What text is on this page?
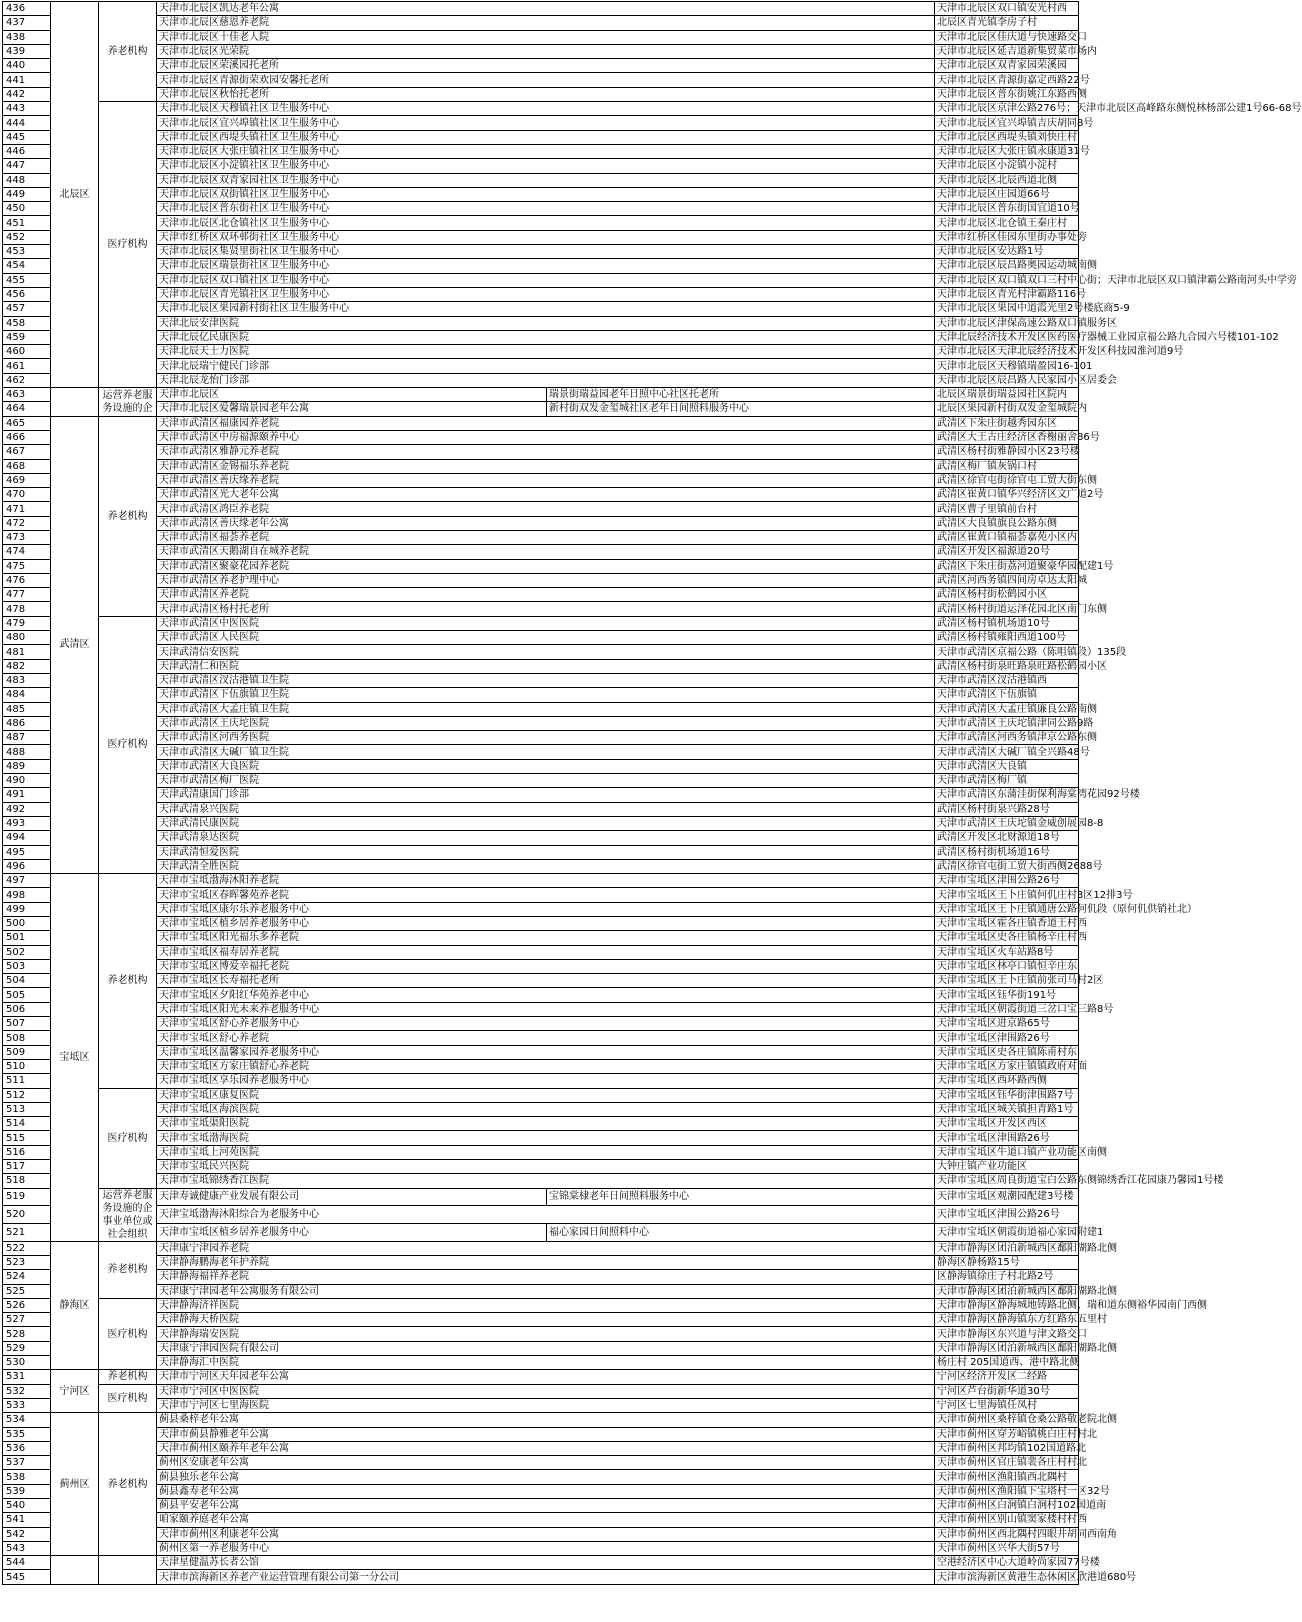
436	北辰区	养老机构	天津市北辰区凯达老年公寓		天津市北辰区双口镇安光村西	
437			天津市北辰区慈恩养老院		北辰区青光镇李房子村	
438			天津市北辰区十佳老人院		天津市北辰区佳庆道与快速路交口	
439			天津市北辰区光荣院		天津市北辰区延吉道新集贸菜市场内	
440			天津市北辰区荣溪园托老所		天津市北辰区双青家园荣溪园	
441			天津市北辰区青源街荣欢园安馨托老所		天津市北辰区青源街嘉定西路22号	
442			天津市北辰区秋怡托老所		天津市北辰区普东街姚江东路西侧	
443		医疗机构	天津市北辰区天穆镇社区卫生服务中心		天津市北辰区京津公路276号；天津市北辰区高峰路东侧悦林杨部公建1号66-68号	
444			天津市北辰区宜兴埠镇社区卫生服务中心		天津市北辰区宜兴埠镇吉庆胡同8号	
445			天津市北辰区西堤头镇社区卫生服务中心		天津市北辰区西堤头镇刘快庄村	
446			天津市北辰区大张庄镇社区卫生服务中心		天津市北辰区大张庄镇永康道31号	
447			天津市北辰区小淀镇社区卫生服务中心		天津市北辰区小淀镇小淀村	
448			天津市北辰区双青家园社区卫生服务中心		天津市北辰区北辰西道北侧	
449			天津市北辰区双街镇社区卫生服务中心		天津市北辰区庄园道66号	
450			天津市北辰区普东街社区卫生服务中心		天津市北辰区普东街国宜道10号	
451			天津市北辰区北仓镇社区卫生服务中心		天津市北辰区北仓镇王秦庄村	
452			天津市红桥区双环邨街社区卫生服务中心		天津市红桥区佳园东里街办事处旁	
453			天津市北辰区集贤里街社区卫生服务中心		天津市北辰区安达路1号	
454			天津市北辰区瑞景街社区卫生服务中心		天津市北辰区辰昌路奥园运动城南侧	
455			天津市北辰区双口镇社区卫生服务中心		天津市北辰区双口镇双口三村中心街；天津市北辰区双口镇津霸公路南河头中学旁	
456			天津市北辰区青光镇社区卫生服务中心		天津市北辰区青光村津霸路116号	
457			天津市北辰区果园新村街社区卫生服务中心		天津市北辰区果园中道霞光里2号楼底商5-9	
458			天津北辰安津医院		天津市北辰区津保高速公路双口镇服务区	
459			天津北辰亿民康医院		天津北辰经济技术开发区医药医疗器械工业园京福公路九合园六号楼101-102	
460			天津北辰天士力医院		天津市北辰区天津北辰经济技术开发区科技园淮河道9号	
461			天津北辰瑞宁健民门诊部		天津市北辰区天穆镇瑞盈园16-101	
462			天津北辰龙怡门诊部		天津市北辰区辰昌路人民家园小区居委会	
463		运营养老服务设施的企	天津市北辰区	瑞景街瑞益园老年日照中心社区托老所	北辰区瑞景街瑞益园社区院内	
464			天津市北辰区爱馨瑞景园老年公寓	新村街双发金玺城社区老年日间照料服务中心	北辰区果园新村街双发金玺城院内	
465	武清区	养老机构	天津市武清区福康园养老院		武清区下朱庄街越秀园东区	
466			天津市武清区中房福源颐养中心		武清区大王古庄经济区香榭丽舍86号	
467			天津市武清区雅静元养老院		武清区杨村街雅静园小区23号楼	
468			天津市武清区金锡福乐养老院		武清区梅厂镇灰锅口村	
469			天津市武清区善庆缘养老院		武清区徐官屯街徐官屯工贸大街东侧	
470			天津市武清区光大老年公寓		武清区崔黄口镇华兴经济区文广道2号	
471			天津市武清区鸿臣养老院		武清区曹子里镇前台村	
472			天津市武清区善庆缘老年公寓		武清区大良镇旗良公路东侧	
473			天津市武清区福荟养老院		武清区崔黄口镇福荟嘉苑小区内	
474			天津市武清区天鹅湖自在城养老院		武清区开发区福源道20号	
475			天津市武清区聚豪花园养老院		武清区下朱庄街荔河道聚豪华园配建1号	
476			天津市武清区养老护理中心		武清区河西务镇四间房卓达太阳城	
477			天津市武清区养老院		武清区杨村街松鹤园小区	
478			天津市武清区杨村托老所		武清区杨村街道运泽花园北区南门东侧	
479		医疗机构	天津市武清区中医医院		武清区杨村镇机场道10号	
480			天津市武清区人民医院		武清区杨村镇雍阳西道100号	
481			天津武清信安医院		天津市武清区京福公路（陈咀镇段）135段	
482			天津武清仁和医院		武清区杨村街泉旺路泉旺路松鹤园小区	
483			天津市武清区汊沽港镇卫生院		天津市武清区汊沽港镇西	
484			天津市武清区下伍旗镇卫生院		天津市武清区下伍旗镇	
485			天津市武清区大孟庄镇卫生院		天津市武清区大孟庄镇廉良公路南侧	
486			天津市武清区王庆坨医院		天津市武清区王庆坨镇津同公路9路	
487			天津市武清区河西务医院		天津市武清区河西务镇津京公路东侧	
488			天津市武清区大碱厂镇卫生院		天津市武清区大碱厂镇全兴路48号	
489			天津市武清区大良医院		天津市武清区大良镇	
490			天津市武清区梅厂医院		天津市武清区梅厂镇	
491			天津武清康国门诊部		天津市武清区东蒲洼街保利海棠湾花园92号楼	
492			天津武清泉兴医院		武清区杨村街泉兴路28号	
493			天津武清民康医院		天津市武清区王庆坨镇金威创展园8-8	
494			天津武清泉达医院		武清区开发区北财源道18号	
495			天津武清恒爱医院		武清区杨村街机场道16号	
496			天津武清全胜医院		武清区徐官屯街工贸大街西侧2688号	
497	宝坻区	养老机构	天津市宝坻渤海沐阳养老院		天津市宝坻区津围公路26号	
498			天津市宝坻区春晖馨苑养老院		天津市宝坻区王卜庄镇何仉庄村3区12排3号	
499			天津市宝坻区康尔乐养老服务中心		天津市宝坻区王卜庄镇通唐公路何仉段（原何仉供销社北）	
500			天津市宝坻区植乡居养老服务中心		天津市宝坻区霍各庄镇香道王村西	
501			天津市宝坻区阳光福乐多养老院		天津市宝坻区史各庄镇杨辛庄村西	
502			天津市宝坻区福寿居养老院		天津市宝坻区火车站路8号	
503			天津市宝坻区博爱幸福托老院		天津市宝坻区林亭口镇恒辛庄东	
504			天津市宝坻区长寿福托老所		天津市宝坻区王卜庄镇前张司马村2区	
505			天津市宝坻区夕阳红华苑养老中心		天津市宝坻区钰华街191号	
506			天津市宝坻区阳光未来养老服务中心		天津市宝坻区朝霞街道三岔口宝三路8号	
507			天津市宝坻区舒心养老服务中心		天津市宝坻区进京路65号	
508			天津市宝坻区舒心养老院		天津市宝坻区津围路26号	
509			天津市宝坻区温馨家园养老服务中心		天津市宝坻区史各庄镇陈甫村东	
510			天津市宝坻区方家庄镇舒心养老院		天津市宝坻区方家庄镇镇政府对面	
511			天津市宝坻区享乐园养老服务中心		天津市宝坻区西环路西侧	
512		医疗机构	天津市宝坻区康复医院		天津市宝坻区钰华街津围路7号	
513			天津市宝坻区海滨医院		天津市宝坻区城关镇担青路1号	
514			天津市宝坻渠阳医院		天津市宝坻区开发区西区	
515			天津市宝坻渤海医院		天津市宝坻区津围路26号	
516			天津市宝坻上河苑医院		天津市宝坻区牛道口镇产业功能区南侧	
517			天津市宝坻民兴医院		大钟庄镇产业功能区	
518			天津市宝坻锦绣香江医院		天津市宝坻区周良街道宝白公路东侧锦绣香江花园康乃馨园1号楼	
519		运营养老服务设施的企事业单位或社会组织	天津寿诚健康产业发展有限公司	宝锦棠棣老年日间照料服务中心	天津市宝坻区观潮园配建3号楼	
520			天津宝坻渤海沐阳综合为老服务中心		天津市宝坻区津围公路26号	
521			天津市宝坻区植乡居养老服务中心	福心家园日间照料中心	天津市宝坻区朝霞街道福心家园附建1	
522	静海区	养老机构	天津康宁津园养老院		天津市静海区团泊新城西区鄱阳湖路北侧	
523			天津静海鹏海老年护养院		静海区静杨路15号	
524			天津静海福祥养老院		区静海镇徐庄子村北路2号	
525			天津康宁津园老年公寓服务有限公司		天津市静海区团泊新城西区鄱阳湖路北侧	
526		医疗机构	天津静海济祥医院		天津市静海区静海城地铸路北侧、瑞和道东侧裕华园南门西侧	
527			天津静海天桥医院		天津市静海区静海镇东方红路东五里村	
528			天津静海瑞安医院		天津市静海区东兴道与津文路交口	
529			天津康宁津园医院有限公司		天津市静海区团泊新城西区鄱阳湖路北侧	
530			天津静海汇中医院		杨庄村 205国道西、港中路北侧	
531	宁河区	养老机构	天津市宁河区天年园老年公寓		宁河区经济开发区二经路	
532		医疗机构	天津市宁河区中医医院		宁河区芦台街新华道30号	
533			天津市宁河区七里海医院		宁河区七里海镇任凤村	
534	蓟州区	养老机构	蓟县桑梓老年公寓		天津市蓟州区桑梓镇仓桑公路敬老院北侧	
535			天津市蓟县静雅老年公寓		天津市蓟州区穿芳峪镇桃白庄村村北	
536			天津市蓟州区颐养年老年公寓		天津市蓟州区邦均镇102国道路北	
537			蓟州区安康老年公寓		天津市蓟州区官庄镇裴各庄村村北	
538			蓟县独乐老年公寓		天津市蓟州区渔阳镇西北隅村	
539			蓟县鑫寿老年公寓		天津市蓟州区渔阳镇下宝塔村一区32号	
540			蓟县平安老年公寓		天津市蓟州区白涧镇白涧村102国道南	
541			咱家颐养庭老年公寓		天津市蓟州区别山镇窦家楼村村西	
542			天津市蓟州区利康老年公寓		天津市蓟州区西北隅村四眼井胡同西南角	
543			蓟州区第一养老服务中心		天津市蓟州区兴华大街57号	
544			天津星健温苏长者公馆		空港经济区中心大道岭尚家园77号楼	
545			天津市滨海新区养老产业运营管理有限公司第一分公司		天津市滨海新区黄港生态休闲区欣港道680号	
